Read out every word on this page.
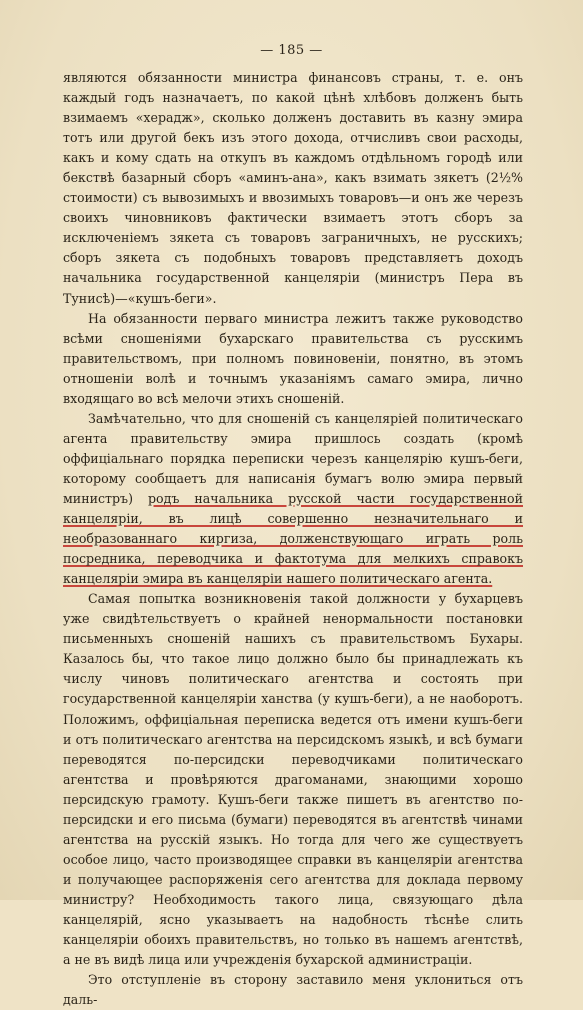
— 185 —

являются обязанности министра финансовъ страны, т. е. онъ каждый годъ назначаетъ, по какой цѣнѣ хлѣбовъ долженъ быть взимаемъ «херадж», сколько долженъ доставить въ казну эмира тотъ или другой бекъ изъ этого дохода, отчисливъ свои расходы, какъ и кому сдать на откупъ въ каждомъ отдѣльномъ городѣ или бекствѣ базарный сборъ «аминъ-ана», какъ взимать зякетъ (2½% стоимости) съ вывозимыхъ и ввозимыхъ товаровъ—и онъ же черезъ своихъ чиновниковъ фактически взимаетъ этотъ сборъ за исключеніемъ зякета съ товаровъ заграничныхъ, не русскихъ; сборъ зякета съ подобныхъ товаровъ представляетъ доходъ начальника государственной канцеляріи (министръ Пера въ Тунисѣ)—«кушъ-беги».

На обязанности перваго министра лежитъ также руководство всѣми сношеніями бухарскаго правительства съ русскимъ правительствомъ, при полномъ повиновеніи, понятно, въ этомъ отношеніи волѣ и точнымъ указаніямъ самаго эмира, лично входящаго во всѣ мелочи этихъ сношеній.

Замѣчательно, что для сношеній съ канцеляріей политическаго агента правительству эмира пришлось создать (кромѣ оффиціальнаго порядка переписки черезъ канцелярію кушъ-беги, которому сообщаетъ для написанія бумагъ волю эмира первый министръ) родъ начальника русской части государственной канцеляріи, въ лицѣ совершенно незначительнаго и необразованнаго киргиза, долженствующаго играть роль посредника, переводчика и фактотума для мелкихъ справокъ канцеляріи эмира въ канцеляріи нашего политическаго агента.

Самая попытка возникновенія такой должности у бухарцевъ уже свидѣтельствуетъ о крайней ненормальности постановки письменныхъ сношеній нашихъ съ правительствомъ Бухары. Казалось бы, что такое лицо должно было бы принадлежать къ числу чиновъ политическаго агентства и состоять при государственной канцеляріи ханства (у кушъ-беги), а не наоборотъ. Положимъ, оффиціальная переписка ведется отъ имени кушъ-беги и отъ политическаго агентства на персидскомъ языкѣ, и всѣ бумаги переводятся по-персидски переводчиками политическаго агентства и провѣряются драгоманами, знающими хорошо персидскую грамоту. Кушъ-беги также пишетъ въ агентство по-персидски и его письма (бумаги) переводятся въ агентствѣ чинами агентства на русскій языкъ. Но тогда для чего же существуетъ особое лицо, часто производящее справки въ канцеляріи агентства и получающее распоряженія сего агентства для доклада первому министру? Необходимость такого лица, связующаго дѣла канцелярій, ясно указываетъ на надобность тѣснѣе слить канцеляріи обоихъ правительствъ, но только въ нашемъ агентствѣ, а не въ видѣ лица или учрежденія бухарской администраціи.

Это отступленіе въ сторону заставило меня уклониться отъ даль-
